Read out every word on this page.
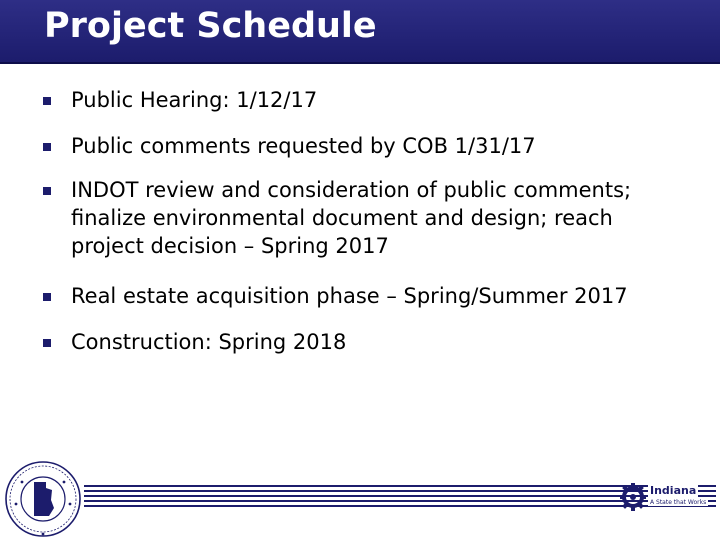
Project Schedule
Public Hearing: 1/12/17
Public comments requested by COB 1/31/17
INDOT review and consideration of public comments;
finalize environmental document and design; reach
project decision – Spring 2017
Real estate acquisition phase – Spring/Summer 2017
Construction: Spring 2018
Indiana
A State that Works
